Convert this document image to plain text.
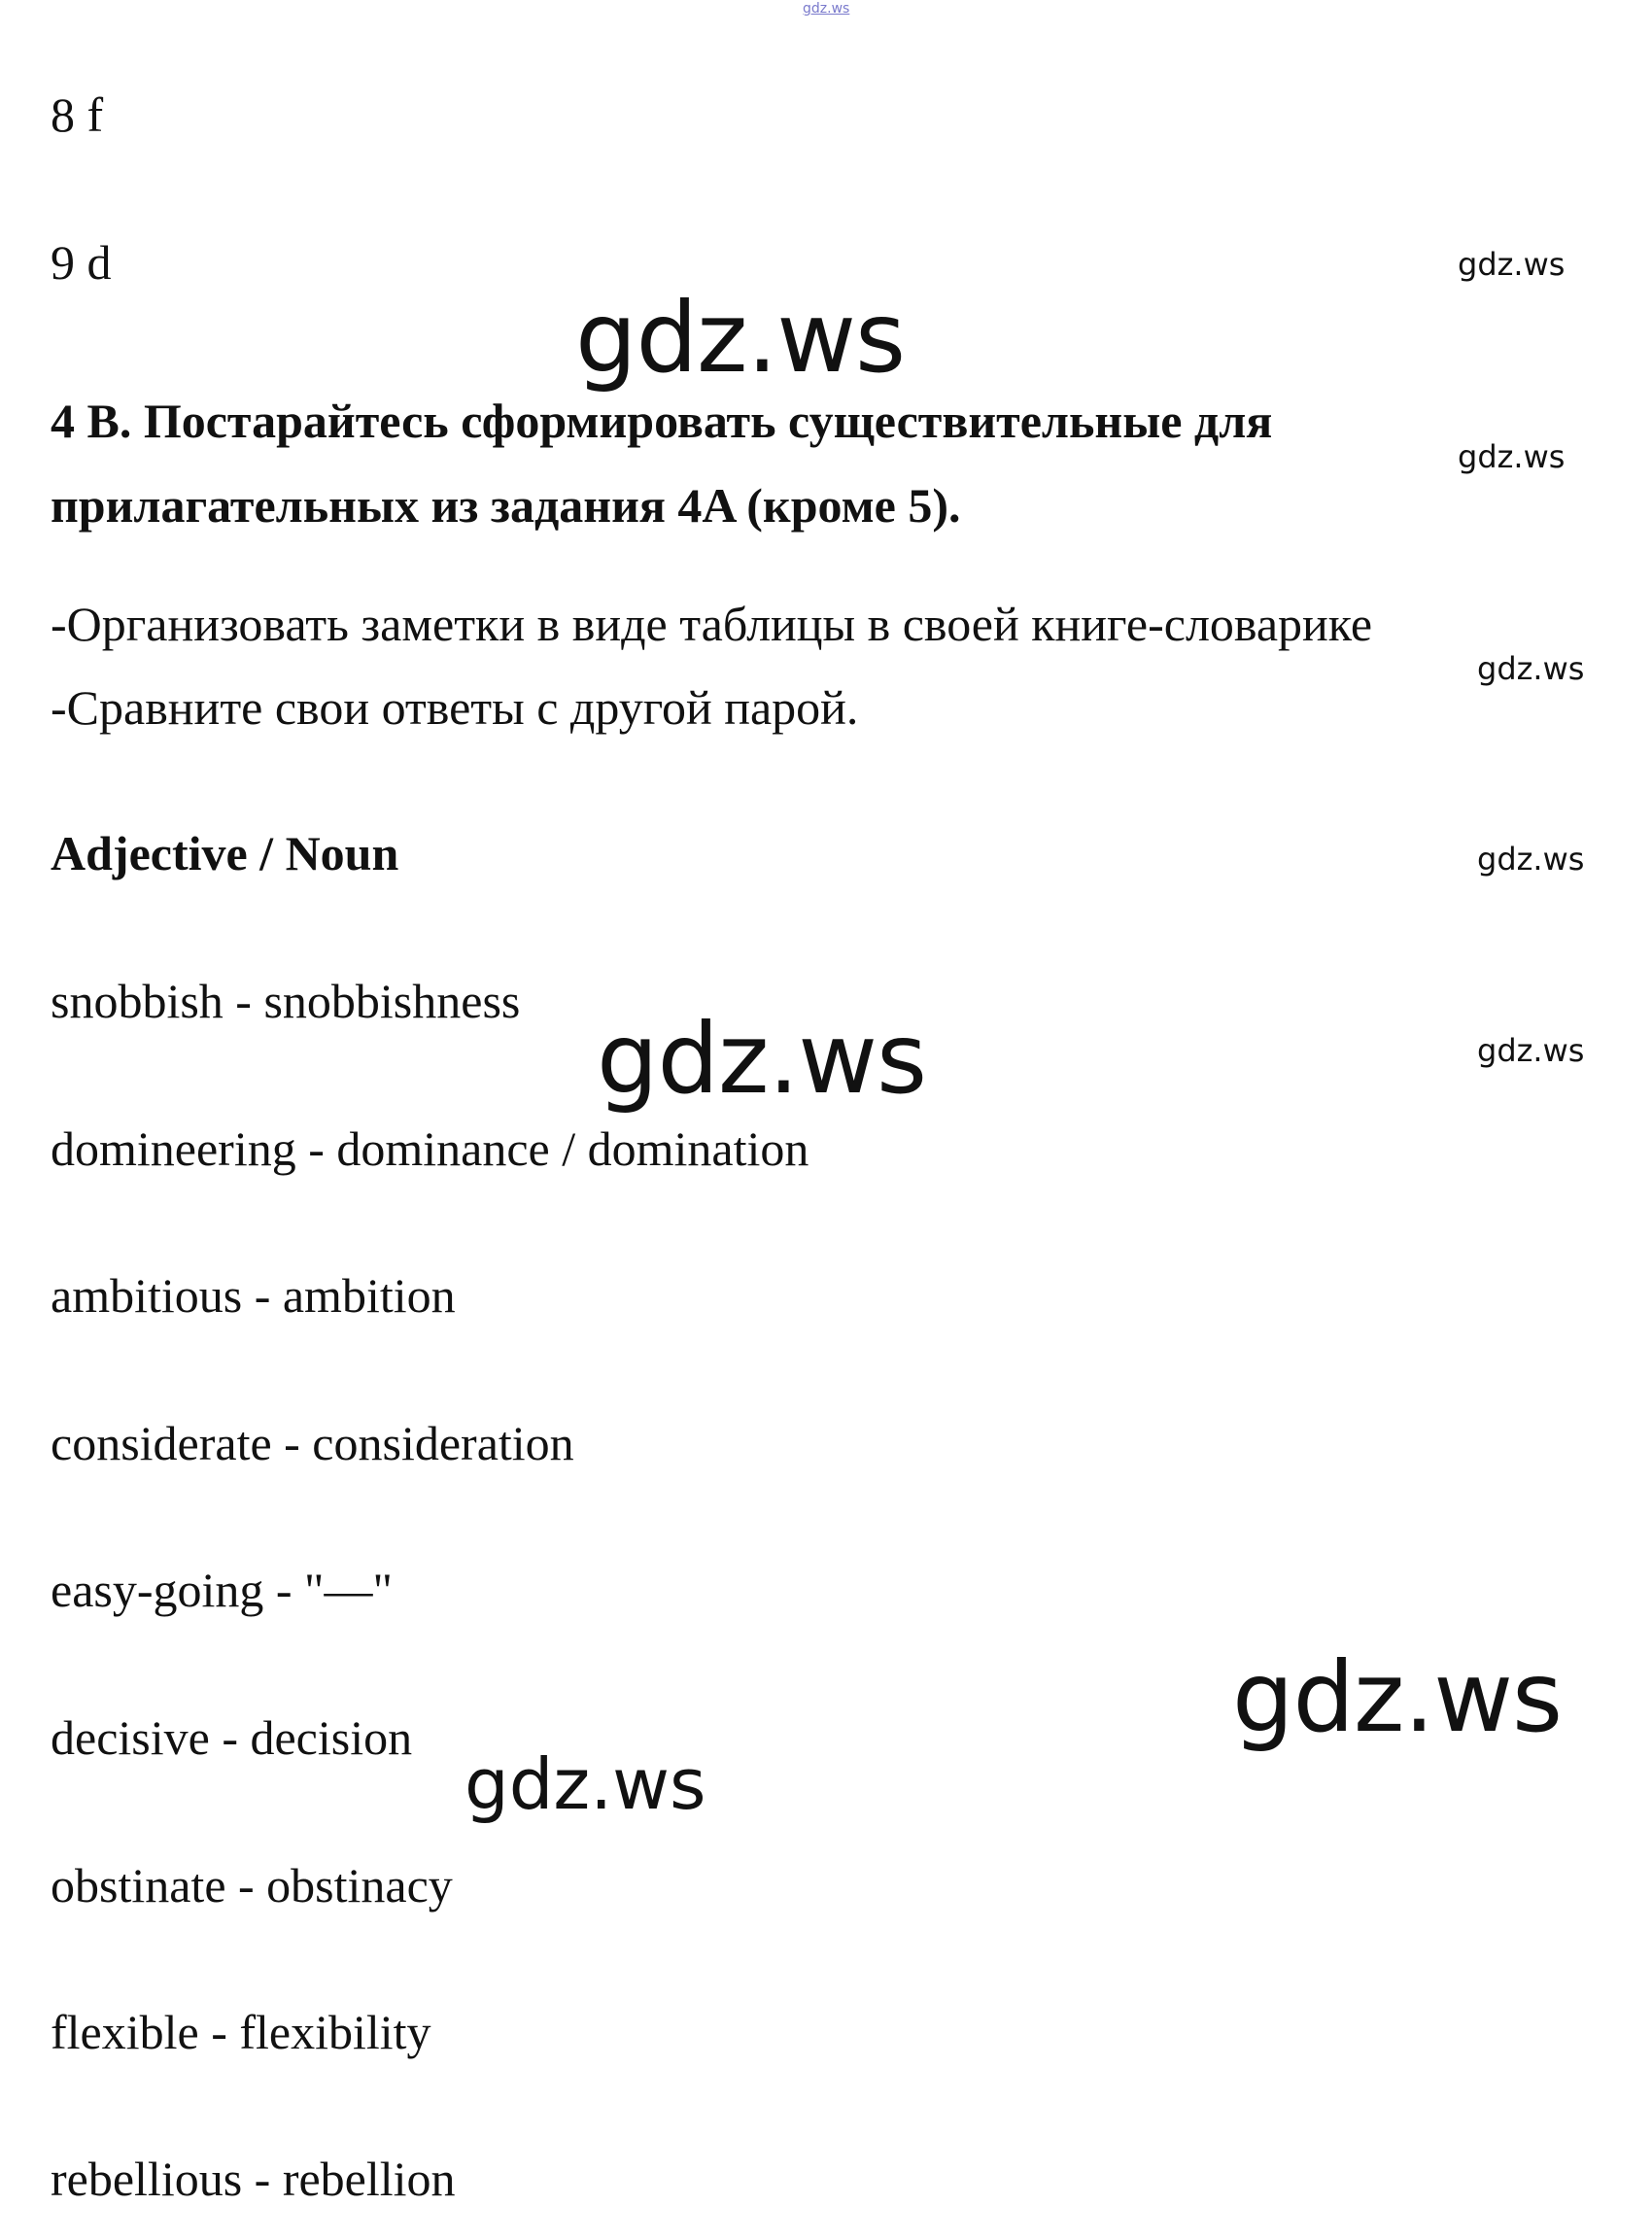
gdz.ws

8 f

9 d

4 B. Постарайтесь сформировать существительные для прилагательных из задания 4A (кроме 5).

-Организовать заметки в виде таблицы в своей книге-словарике

-Сравните свои ответы с другой парой.

Adjective / Noun

snobbish - snobbishness

domineering - dominance / domination

ambitious - ambition

considerate - consideration

easy-going - "—"

decisive - decision

obstinate - obstinacy

flexible - flexibility

rebellious - rebellion

gdz.ws
gdz.ws
gdz.ws
gdz.ws
gdz.ws
gdz.ws
gdz.ws
gdz.ws
gdz.ws
